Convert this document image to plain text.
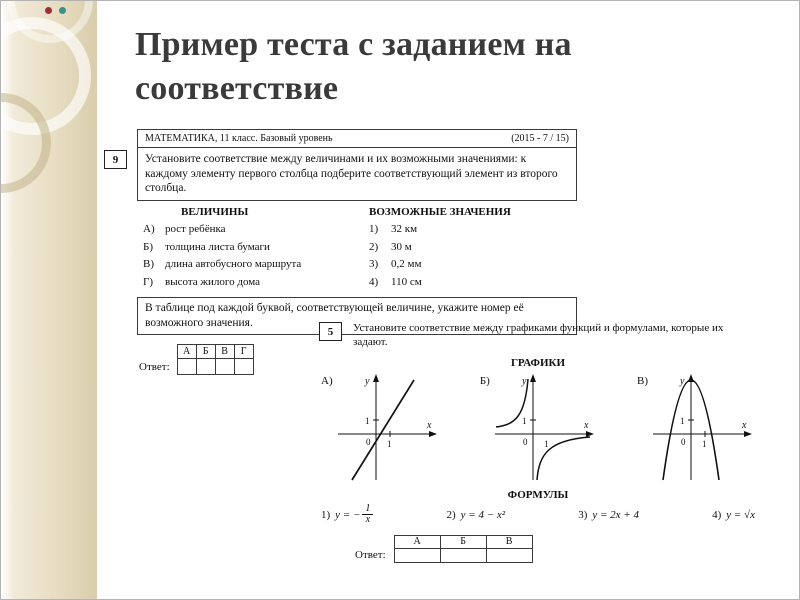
Пример теста с заданием на
соответствие
9
МАТЕМАТИКА, 11 класс. Базовый уровень	(2015 - 7 / 15)
Установите соответствие между величинами и их возможными значениями: к каждому элементу первого столбца подберите соответствующий элемент из второго столбца.
ВЕЛИЧИНЫ
А) рост ребёнка
Б)	толщина листа бумаги
В)	длина автобусного маршрута
Г)	высота жилого дома
ВОЗМОЖНЫЕ ЗНАЧЕНИЯ
1)	32 км
2)	30 м
3)	0,2 мм
4)	110 см
В таблице под каждой буквой, соответствующей величине, укажите номер её возможного значения.
Ответ:
А	Б	В	Г

5	Установите соответствие между графиками функций и формулами, которые их задают.
ГРАФИКИ
А)	y
x
0
1
1
Б)	y
x
0
1
1
В)	y
x
0
1
1
ФОРМУЛЫ
1) y = − $\frac{1}{x}$	2) y = 4 − x²	3) y = 2x + 4	4) y = √x
Ответ:
А	Б	В
